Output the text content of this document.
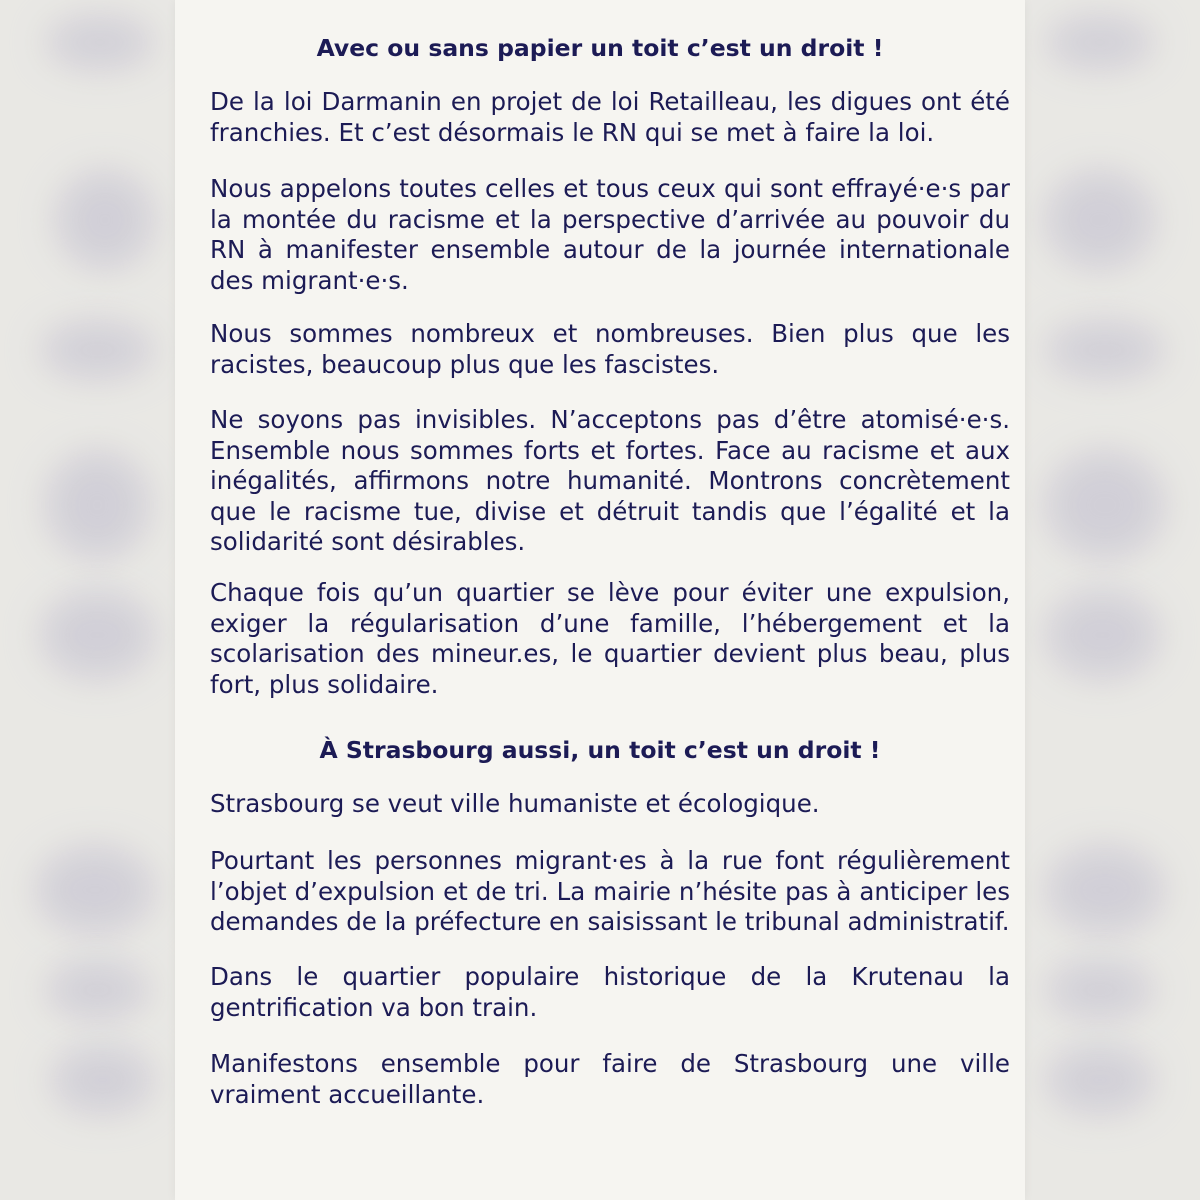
Avec ou sans papier un toit c’est un droit !
De la loi Darmanin en projet de loi Retailleau, les digues ont été franchies. Et c’est désormais le RN qui se met à faire la loi.
Nous appelons toutes celles et tous ceux qui sont effrayé·e·s par la montée du racisme et la perspective d’arrivée au pouvoir du RN à manifester ensemble autour de la journée internationale des migrant·e·s.
Nous sommes nombreux et nombreuses. Bien plus que les racistes, beaucoup plus que les fascistes.
Ne soyons pas invisibles. N’acceptons pas d’être atomisé·e·s. Ensemble nous sommes forts et fortes. Face au racisme et aux inégalités, affirmons notre humanité. Montrons concrètement que le racisme tue, divise et détruit tandis que l’égalité et la solidarité sont désirables.
Chaque fois qu’un quartier se lève pour éviter une expulsion, exiger la régularisation d’une famille, l’hébergement et la scolarisation des mineur.es, le quartier devient plus beau, plus fort, plus solidaire.
À Strasbourg aussi, un toit c’est un droit !
Strasbourg se veut ville humaniste et écologique.
Pourtant les personnes migrant·es à la rue font régulièrement l’objet d’expulsion et de tri. La mairie n’hésite pas à anticiper les demandes de la préfecture en saisissant le tribunal administratif.
Dans le quartier populaire historique de la Krutenau la gentrification va bon train.
Manifestons ensemble pour faire de Strasbourg une ville vraiment accueillante.
